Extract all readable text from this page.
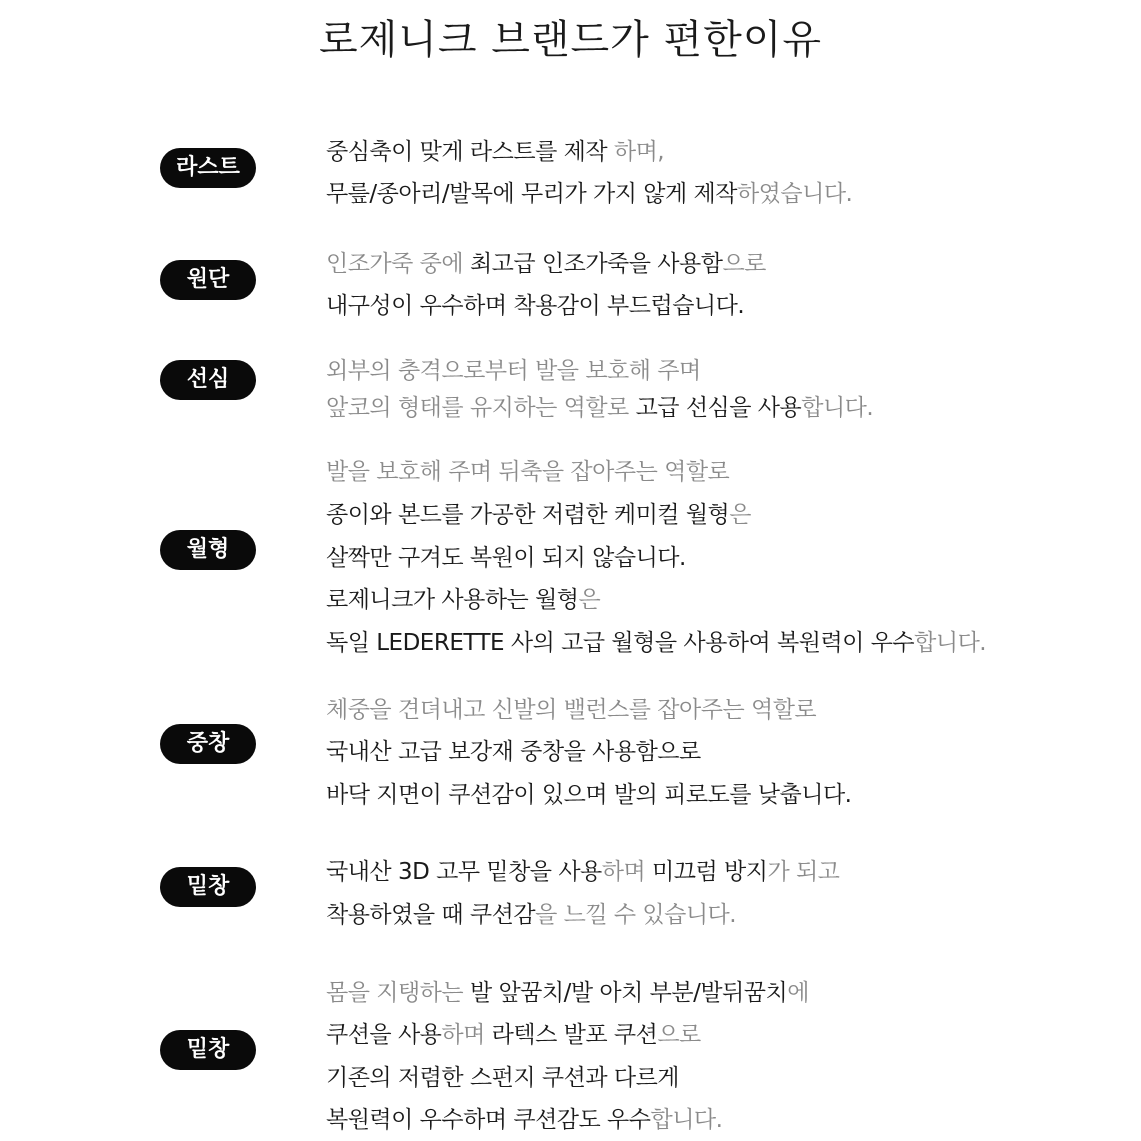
로제니크 브랜드가 편한이유
라스트
중심축이 맞게 라스트를 제작 하며,
무릎/종아리/발목에 무리가 가지 않게 제작하였습니다.
원단
인조가죽 중에 최고급 인조가죽을 사용함으로
내구성이 우수하며 착용감이 부드럽습니다.
선심	외부의 충격으로부터 발을 보호해 주며
앞코의 형태를 유지하는 역할로 고급 선심을 사용합니다.
월형
발을 보호해 주며 뒤축을 잡아주는 역할로
종이와 본드를 가공한 저렴한 케미컬 월형은
살짝만 구겨도 복원이 되지 않습니다.
로제니크가 사용하는 월형은
독일 LEDERETTE 사의 고급 월형을 사용하여 복원력이 우수합니다.
중창
체중을 견뎌내고 신발의 밸런스를 잡아주는 역할로
국내산 고급 보강재 중창을 사용함으로
바닥 지면이 쿠션감이 있으며 발의 피로도를 낮춥니다.
밑창
국내산 3D 고무 밑창을 사용하며 미끄럼 방지가 되고
착용하였을 때 쿠션감을 느낄 수 있습니다.
밑창
몸을 지탱하는 발 앞꿈치/발 아치 부분/발뒤꿈치에
쿠션을 사용하며 라텍스 발포 쿠션으로
기존의 저렴한 스펀지 쿠션과 다르게
복원력이 우수하며 쿠션감도 우수합니다.
